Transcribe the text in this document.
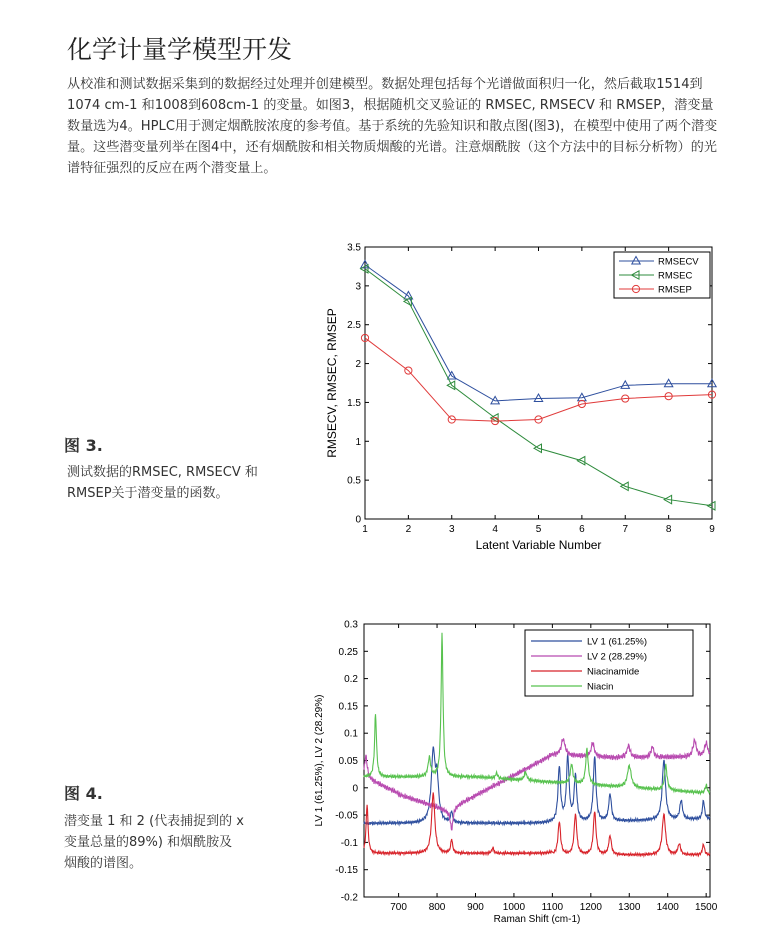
化学计量学模型开发

从校准和测试数据采集到的数据经过处理并创建模型。数据处理包括每个光谱做面积归一化，然后截取1514到1074 cm-1 和1008到608cm-1 的变量。如图3，根据随机交叉验证的 RMSEC, RMSECV 和 RMSEP，潜变量数量选为4。HPLC用于测定烟酰胺浓度的参考值。基于系统的先验知识和散点图(图3)，在模型中使用了两个潜变量。这些潜变量列举在图4中，还有烟酰胺和相关物质烟酸的光谱。注意烟酰胺（这个方法中的目标分析物）的光谱特征强烈的反应在两个潜变量上。

图 3.

测试数据的RMSEC, RMSECV 和 RMSEP关于潜变量的函数。

图 4.

潜变量 1 和 2 (代表捕捉到的 x 变量总量的89%) 和烟酰胺及烟酸的谱图。

1	2	3	4	5	6	7	8	9
0
0.5
1
1.5
2
2.5
3
3.5
Latent Variable Number
RMSECV, RMSEC, RMSEP
RMSECV
RMSEC
RMSEP
700 800 900 1000 1100 1200 1300 1400 1500
-0.2
-0.15
-0.1
-0.05
0
0.05
0.1
0.15
0.2
0.25
0.3
Raman Shift (cm-1)
LV 1 (61.25%), LV 2 (28.29%)
LV 1 (61.25%)
LV 2 (28.29%)
Niacinamide
Niacin
